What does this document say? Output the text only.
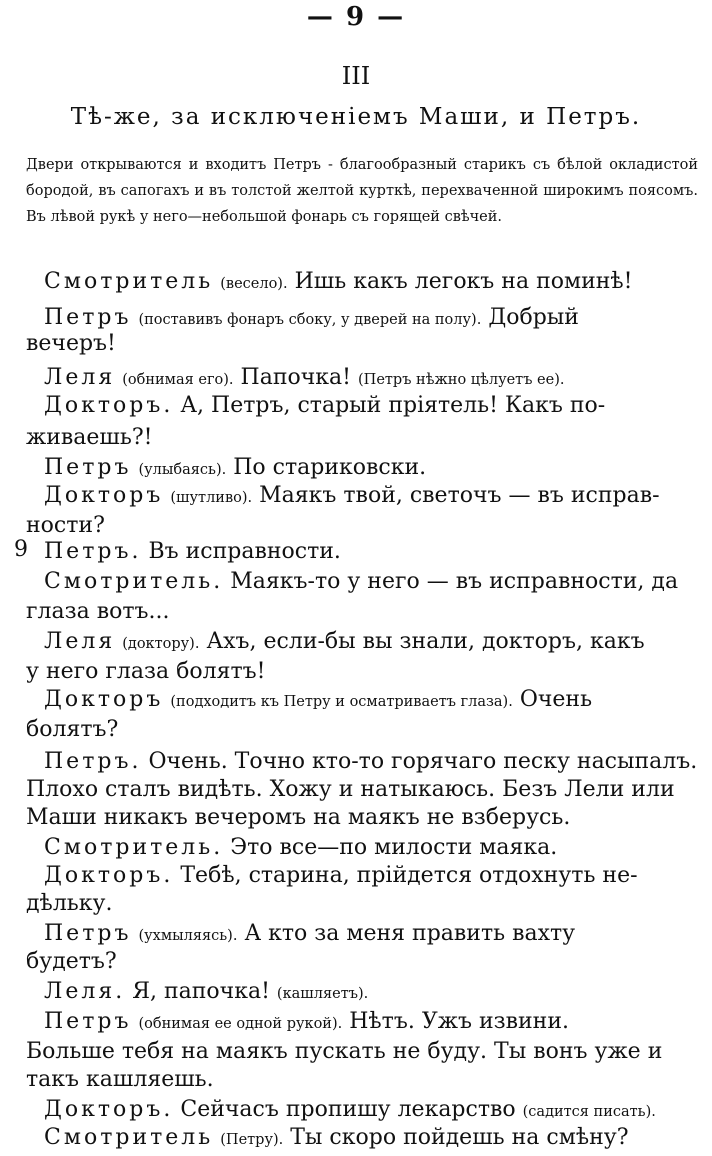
— 9 —
III
Тѣ-же, за исключенiемъ Маши, и Петръ.
Двери открываются и входитъ Петръ - благообразный старикъ съ бѣлой окладистой бородой, въ сапогахъ и въ толстой желтой курткѣ, перехваченной широкимъ поясомъ. Въ лѣвой рукѣ у него—небольшой фонарь съ горящей свѣчей.
9
Смотритель (весело). Ишь какъ легокъ на поминѣ!
Петръ (поставивъ фонаръ сбоку, у дверей на полу). Добрый
вечеръ!
Леля (обнимая его). Папочка! (Петръ нѣжно цѣлуетъ ее).
Докторъ. А, Петръ, старый прiятель! Какъ по-
живаешь?!
Петръ (улыбаясь). По стариковски.
Докторъ (шутливо). Маякъ твой, светочъ — въ исправ-
ности?
Петръ. Въ исправности.
Смотритель. Маякъ-то у него — въ исправности, да
глаза вотъ...
Леля (доктору). Ахъ, если-бы вы знали, докторъ, какъ
у него глаза болятъ!
Докторъ (подходитъ къ Петру и осматриваетъ глаза). Очень
болятъ?
Петръ. Очень. Точно кто-то горячаго песку насыпалъ.
Плохо сталъ видѣть. Хожу и натыкаюсь. Безъ Лели или
Маши никакъ вечеромъ на маякъ не взберусь.
Смотритель. Это все—по милости маяка.
Докторъ. Тебѣ, старина, прiйдется отдохнуть не-
дѣльку.
Петръ (ухмыляясь). А кто за меня править вахту
будетъ?
Леля. Я, папочка! (кашляетъ).
Петръ (обнимая ее одной рукой). Нѣтъ. Ужъ извини.
Больше тебя на маякъ пускать не буду. Ты вонъ уже и
такъ кашляешь.
Докторъ. Сейчасъ пропишу лекарство (садится писать).
Смотритель (Петру). Ты скоро пойдешь на смѣну?
